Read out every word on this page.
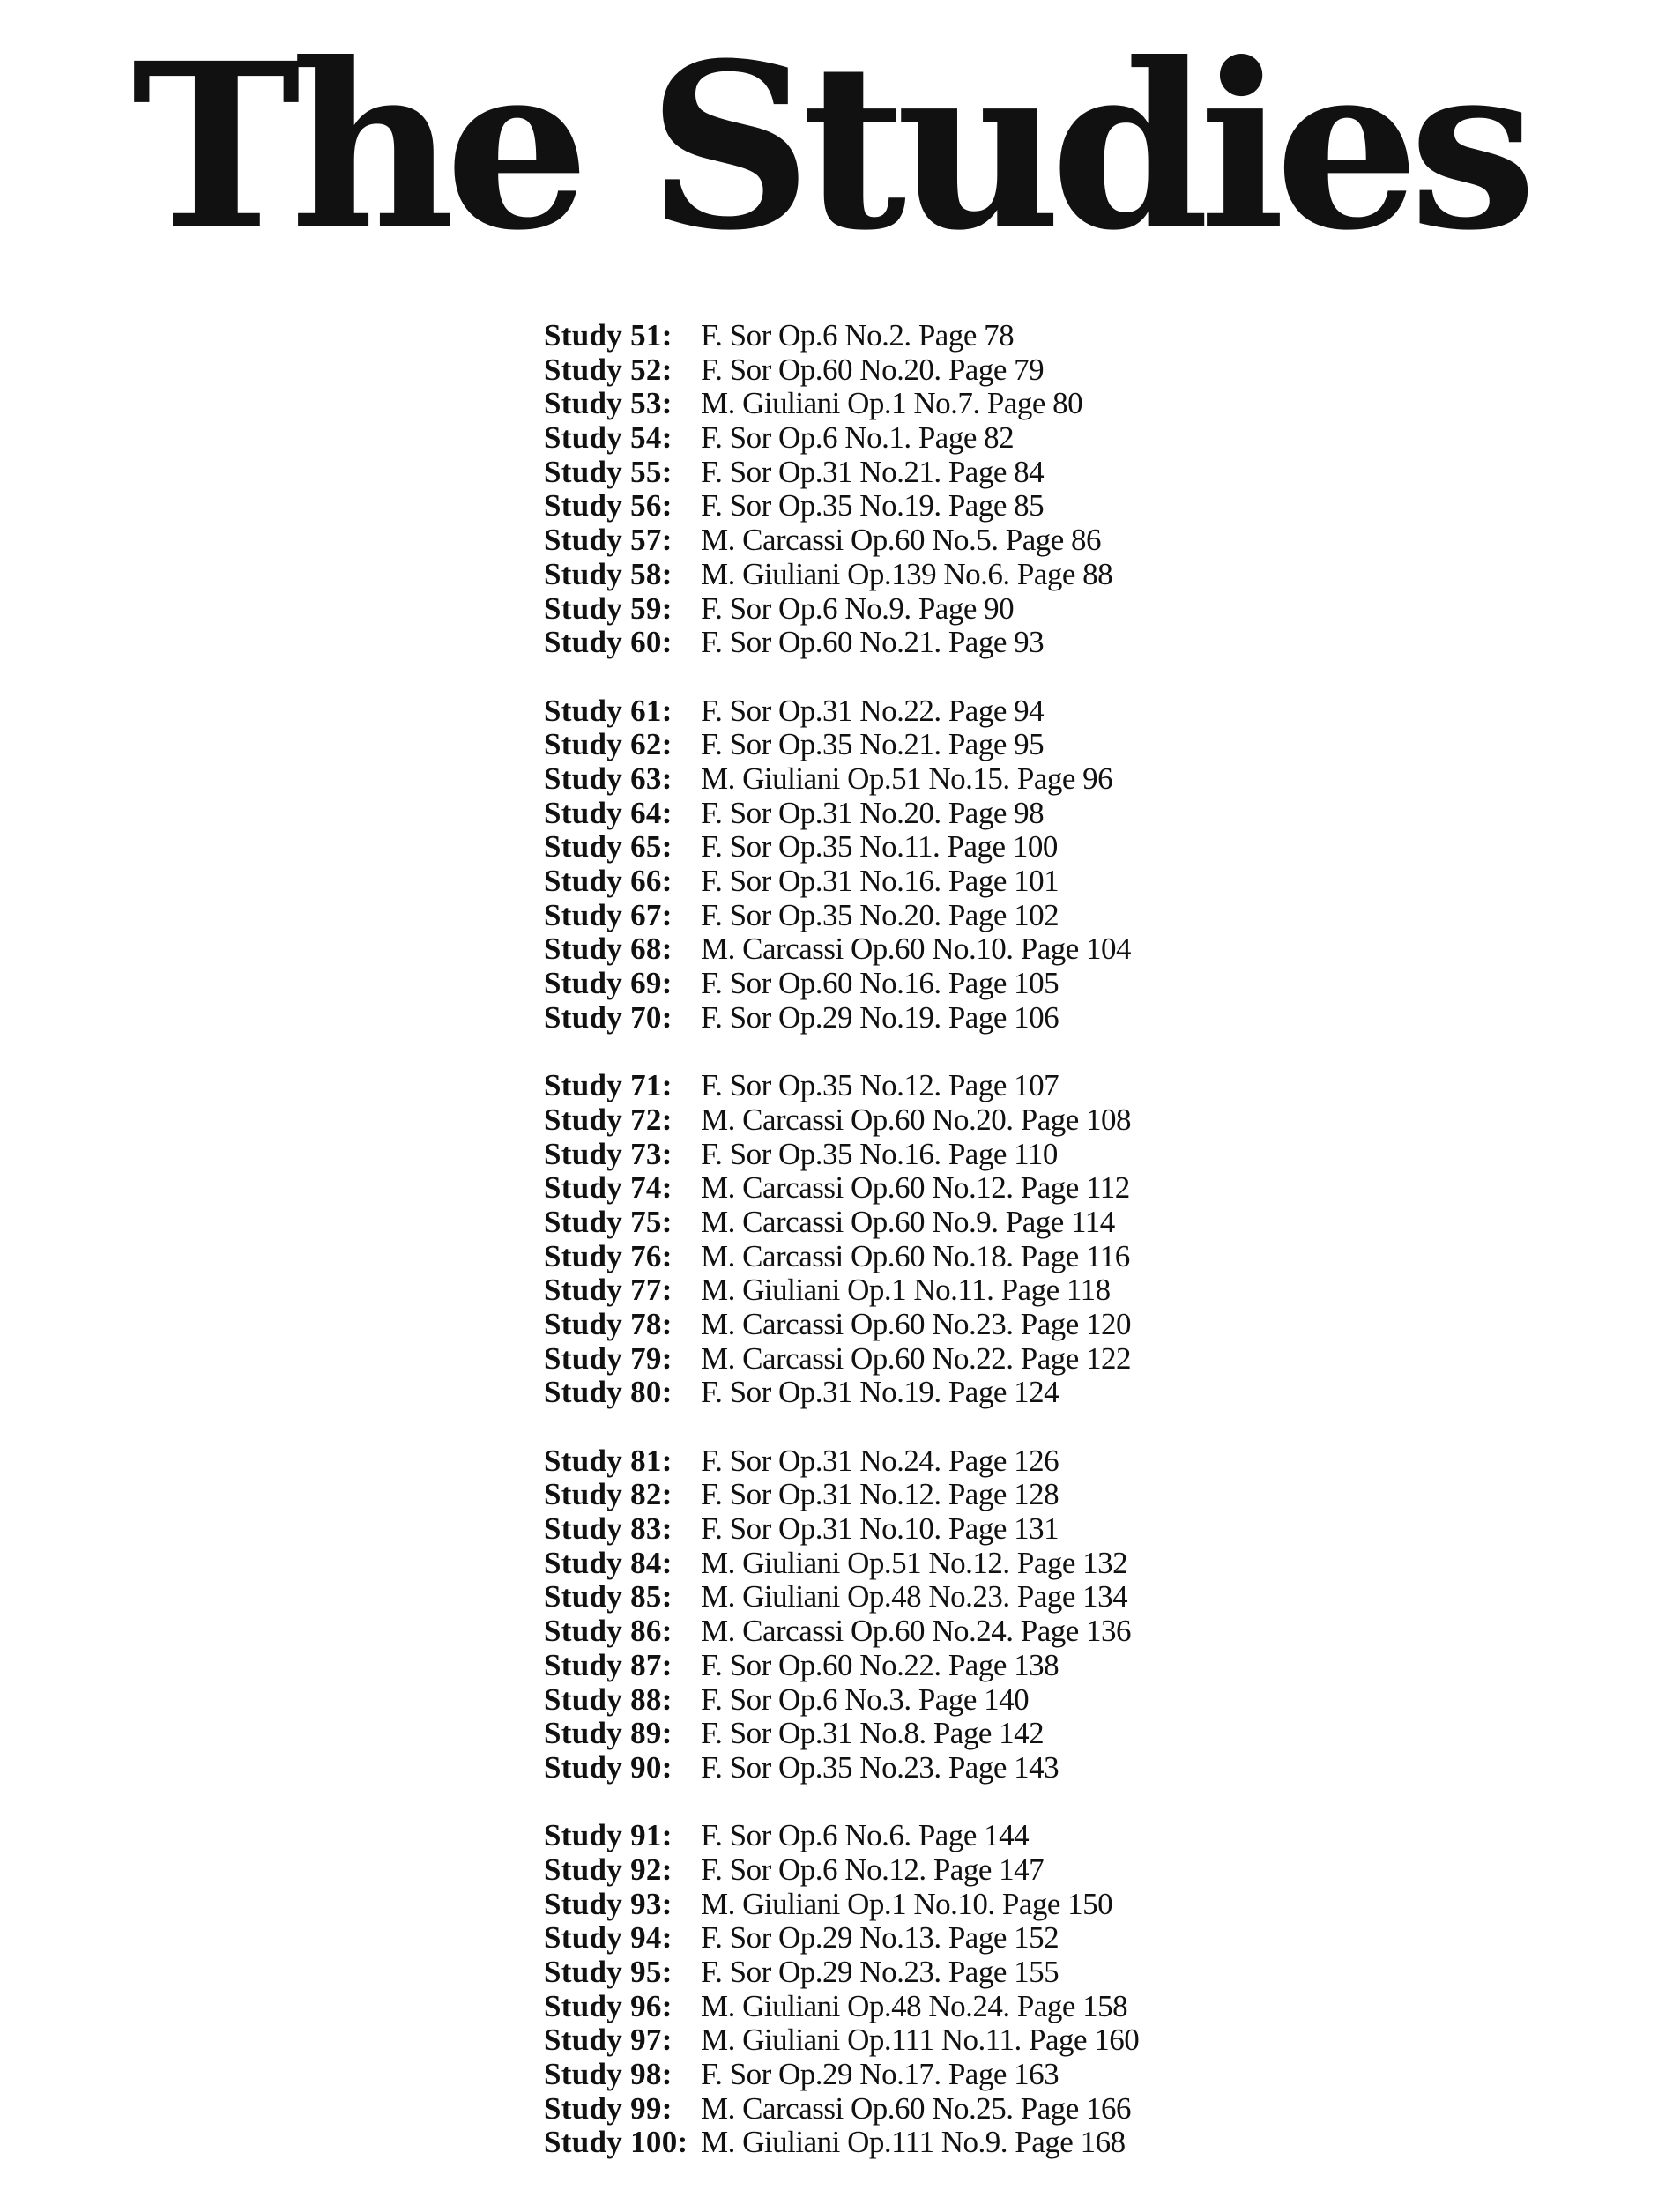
The Studies
Study 51: F. Sor Op.6 No.2. Page 78
Study 52: F. Sor Op.60 No.20. Page 79
Study 53: M. Giuliani Op.1 No.7. Page 80
Study 54: F. Sor Op.6 No.1. Page 82
Study 55: F. Sor Op.31 No.21. Page 84
Study 56: F. Sor Op.35 No.19. Page 85
Study 57: M. Carcassi Op.60 No.5. Page 86
Study 58: M. Giuliani Op.139 No.6. Page 88
Study 59: F. Sor Op.6 No.9. Page 90
Study 60: F. Sor Op.60 No.21. Page 93
Study 61: F. Sor Op.31 No.22. Page 94
Study 62: F. Sor Op.35 No.21. Page 95
Study 63: M. Giuliani Op.51 No.15. Page 96
Study 64: F. Sor Op.31 No.20. Page 98
Study 65: F. Sor Op.35 No.11. Page 100
Study 66: F. Sor Op.31 No.16. Page 101
Study 67: F. Sor Op.35 No.20. Page 102
Study 68: M. Carcassi Op.60 No.10. Page 104
Study 69: F. Sor Op.60 No.16. Page 105
Study 70: F. Sor Op.29 No.19. Page 106
Study 71: F. Sor Op.35 No.12. Page 107
Study 72: M. Carcassi Op.60 No.20. Page 108
Study 73: F. Sor Op.35 No.16. Page 110
Study 74: M. Carcassi Op.60 No.12. Page 112
Study 75: M. Carcassi Op.60 No.9. Page 114
Study 76: M. Carcassi Op.60 No.18. Page 116
Study 77: M. Giuliani Op.1 No.11. Page 118
Study 78: M. Carcassi Op.60 No.23. Page 120
Study 79: M. Carcassi Op.60 No.22. Page 122
Study 80: F. Sor Op.31 No.19. Page 124
Study 81: F. Sor Op.31 No.24. Page 126
Study 82: F. Sor Op.31 No.12. Page 128
Study 83: F. Sor Op.31 No.10. Page 131
Study 84: M. Giuliani Op.51 No.12. Page 132
Study 85: M. Giuliani Op.48 No.23. Page 134
Study 86: M. Carcassi Op.60 No.24. Page 136
Study 87: F. Sor Op.60 No.22. Page 138
Study 88: F. Sor Op.6 No.3. Page 140
Study 89: F. Sor Op.31 No.8. Page 142
Study 90: F. Sor Op.35 No.23. Page 143
Study 91: F. Sor Op.6 No.6. Page 144
Study 92: F. Sor Op.6 No.12. Page 147
Study 93: M. Giuliani Op.1 No.10. Page 150
Study 94: F. Sor Op.29 No.13. Page 152
Study 95: F. Sor Op.29 No.23. Page 155
Study 96: M. Giuliani Op.48 No.24. Page 158
Study 97: M. Giuliani Op.111 No.11. Page 160
Study 98: F. Sor Op.29 No.17. Page 163
Study 99: M. Carcassi Op.60 No.25. Page 166
Study 100: M. Giuliani Op.111 No.9. Page 168
